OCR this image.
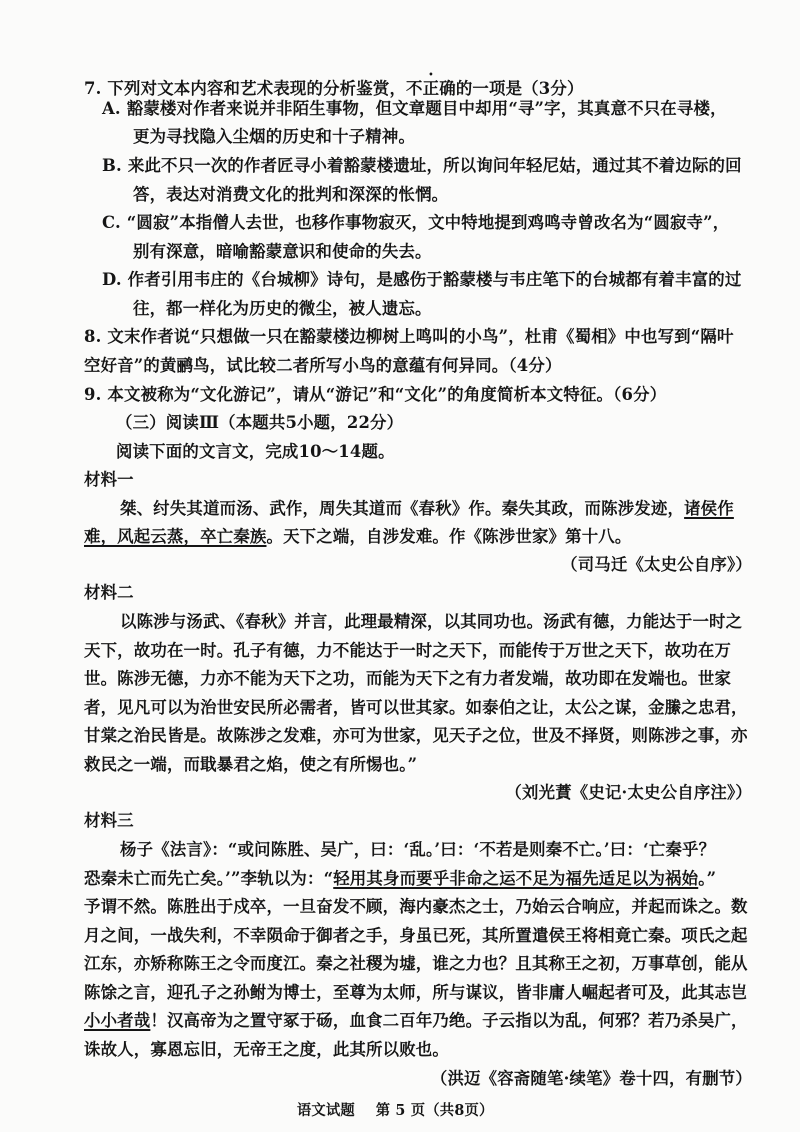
7. 下列对文本内容和艺术表现的分析鉴赏，不正确的一项是（3分）
A. 豁蒙楼对作者来说并非陌生事物，但文章题目中却用“寻”字，其真意不只在寻楼，
更为寻找隐入尘烟的历史和十子精神。
B. 来此不只一次的作者匠寻小着豁蒙楼遗址，所以询问年轻尼姑，通过其不着边际的回
答，表达对消费文化的批判和深深的怅惘。
C. “圆寂”本指僧人去世，也移作事物寂灭，文中特地提到鸡鸣寺曾改名为“圆寂寺”，
别有深意，暗喻豁蒙意识和使命的失去。
D. 作者引用韦庄的《台城柳》诗句，是感伤于豁蒙楼与韦庄笔下的台城都有着丰富的过
往，都一样化为历史的微尘，被人遗忘。
8. 文末作者说“只想做一只在豁蒙楼边柳树上鸣叫的小鸟”，杜甫《蜀相》中也写到“隔叶
空好音”的黄鹂鸟，试比较二者所写小鸟的意蕴有何异同。（4分）
9. 本文被称为“文化游记”，请从“游记”和“文化”的角度简析本文特征。（6分）
（三）阅读Ⅲ（本题共5小题，22分）
阅读下面的文言文，完成10～14题。
材料一
桀、纣失其道而汤、武作，周失其道而《春秋》作。秦失其政，而陈涉发迹，诸侯作
难，风起云蒸，卒亡秦族。天下之端，自涉发难。作《陈涉世家》第十八。
（司马迁《太史公自序》）
材料二
以陈涉与汤武、《春秋》并言，此理最精深，以其同功也。汤武有德，力能达于一时之
天下，故功在一时。孔子有德，力不能达于一时之天下，而能传于万世之天下，故功在万
世。陈涉无德，力亦不能为天下之功，而能为天下之有力者发端，故功即在发端也。世家
者，见凡可以为治世安民所必需者，皆可以世其家。如泰伯之让，太公之谋，金縢之忠君，
甘棠之治民皆是。故陈涉之发难，亦可为世家，见天子之位，世及不择贤，则陈涉之事，亦
救民之一端，而戢暴君之焰，使之有所惕也。”
（刘光蕡《史记·太史公自序注》）
材料三
杨子《法言》：“或问陈胜、吴广，曰：‘乱。’曰：‘不若是则秦不亡。’曰：‘亡秦乎？
恐秦未亡而先亡矣。’”李轨以为：“轻用其身而要乎非命之运不足为福先适足以为祸始。”
予谓不然。陈胜出于戍卒，一旦奋发不顾，海内豪杰之士，乃始云合响应，并起而诛之。数
月之间，一战失利，不幸陨命于御者之手，身虽已死，其所置遣侯王将相竟亡秦。项氏之起
江东，亦矫称陈王之令而度江。秦之社稷为墟，谁之力也？且其称王之初，万事草创，能从
陈馀之言，迎孔子之孙鲋为博士，至尊为太师，所与谋议，皆非庸人崛起者可及，此其志岂
小小者哉！汉高帝为之置守冢于砀，血食二百年乃绝。子云指以为乱，何邪？若乃杀吴广，
诛故人，寡恩忘旧，无帝王之度，此其所以败也。
（洪迈《容斋随笔·续笔》卷十四，有删节）
语文试题 第 5 页（共8页）
